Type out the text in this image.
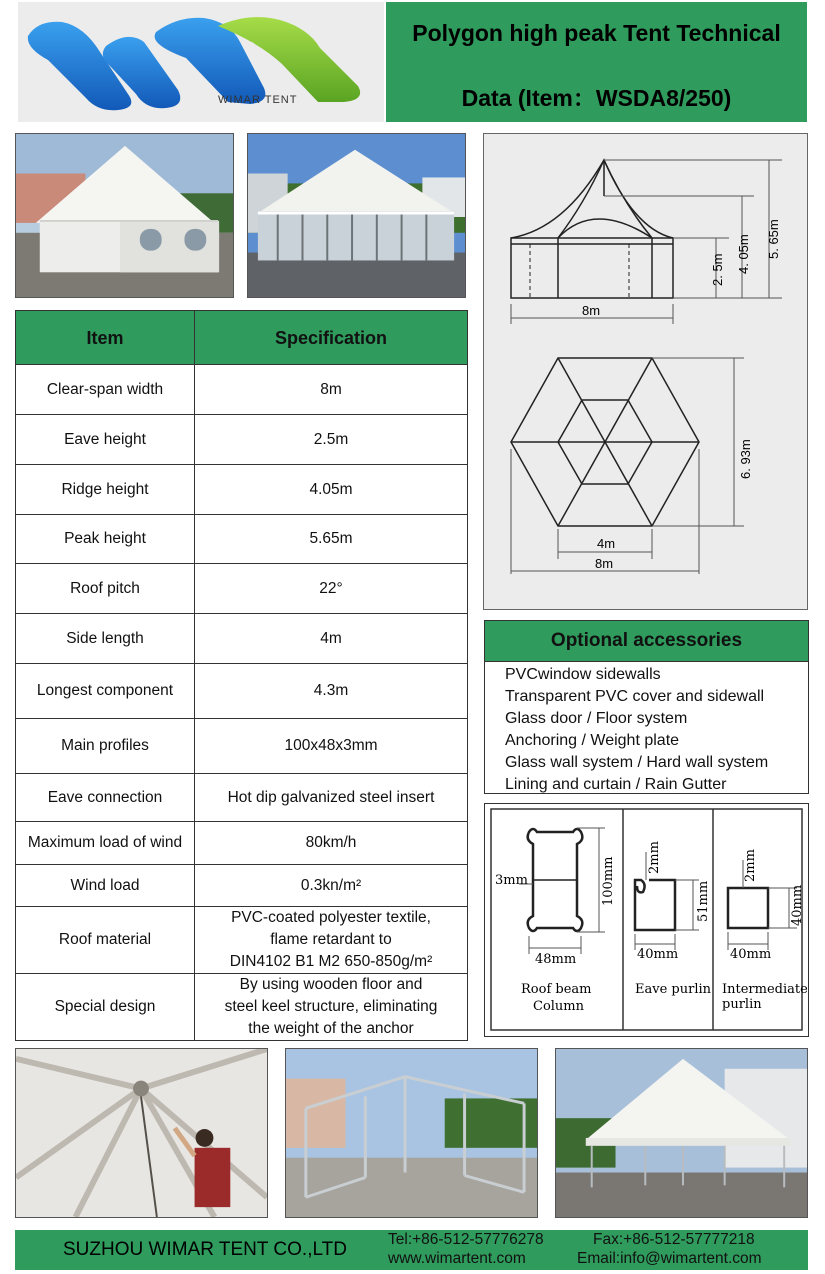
WIMAR TENT
Polygon high peak Tent Technical
Data (Item：WSDA8/250)
Item	Specification
Clear-span width	8m
Eave height	2.5m
Ridge height	4.05m
Peak height	5.65m
Roof pitch	22°
Side length	4m
Longest component	4.3m
Main profiles	100x48x3mm
Eave connection	Hot dip galvanized steel insert
Maximum load of wind	80km/h
Wind load	0.3kn/m²
Roof material	PVC-coated polyester textile,
flame retardant to
DIN4102 B1 M2 650-850g/m²

Special design	By using wooden floor and
steel keel structure, eliminating
the weight of the anchor
2. 5m 4. 05m 5. 65m
8m
6. 93m
4m
8m
Optional accessories
PVCwindow sidewalls
Transparent PVC cover and sidewall
Glass door / Floor system
Anchoring / Weight plate
Glass wall system / Hard wall system
Lining and curtain / Rain Gutter
3mm	100mm
48mm
Roof beam
Column
2mm
51mm
40mm
Eave purlin
2mm
40mm
40mm
Intermediate
purlin
SUZHOU WIMAR TENT CO.,LTD	Tel:+86-512-57776278
www.wimartent.com
Fax:+86-512-57777218
Email:info@wimartent.com
